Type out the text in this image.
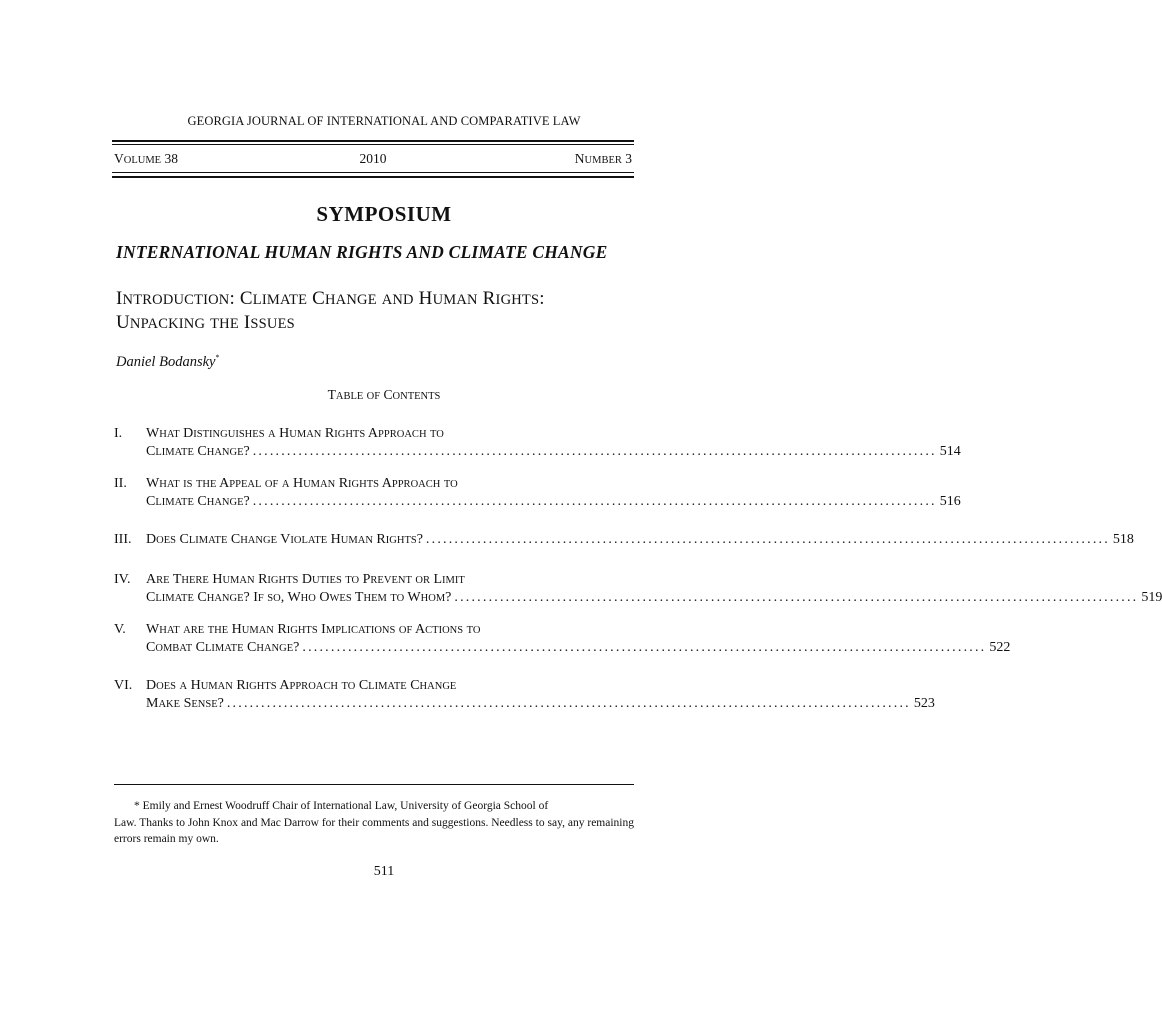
GEORGIA JOURNAL OF INTERNATIONAL AND COMPARATIVE LAW
VOLUME 38	2010	NUMBER 3
SYMPOSIUM
INTERNATIONAL HUMAN RIGHTS AND CLIMATE CHANGE
INTRODUCTION: CLIMATE CHANGE AND HUMAN RIGHTS:
UNPACKING THE ISSUES
Daniel Bodansky*
TABLE OF CONTENTS
I. WHAT DISTINGUISHES A HUMAN RIGHTS APPROACH TO
CLIMATE CHANGE? ........................................................................................................................ 514
II. WHAT IS THE APPEAL OF A HUMAN RIGHTS APPROACH TO
CLIMATE CHANGE? ........................................................................................................................ 516
III. DOES CLIMATE CHANGE VIOLATE HUMAN RIGHTS? ........................................................................................................................ 518
IV. ARE THERE HUMAN RIGHTS DUTIES TO PREVENT OR LIMIT
CLIMATE CHANGE? IF SO, WHO OWES THEM TO WHOM? ........................................................................................................................ 519
V. WHAT ARE THE HUMAN RIGHTS IMPLICATIONS OF ACTIONS TO
COMBAT CLIMATE CHANGE? ........................................................................................................................ 522
VI. DOES A HUMAN RIGHTS APPROACH TO CLIMATE CHANGE
MAKE SENSE? ........................................................................................................................ 523
* Emily and Ernest Woodruff Chair of International Law, University of Georgia School of
Law. Thanks to John Knox and Mac Darrow for their comments and suggestions. Needless to say, any remaining errors remain my own.
511
